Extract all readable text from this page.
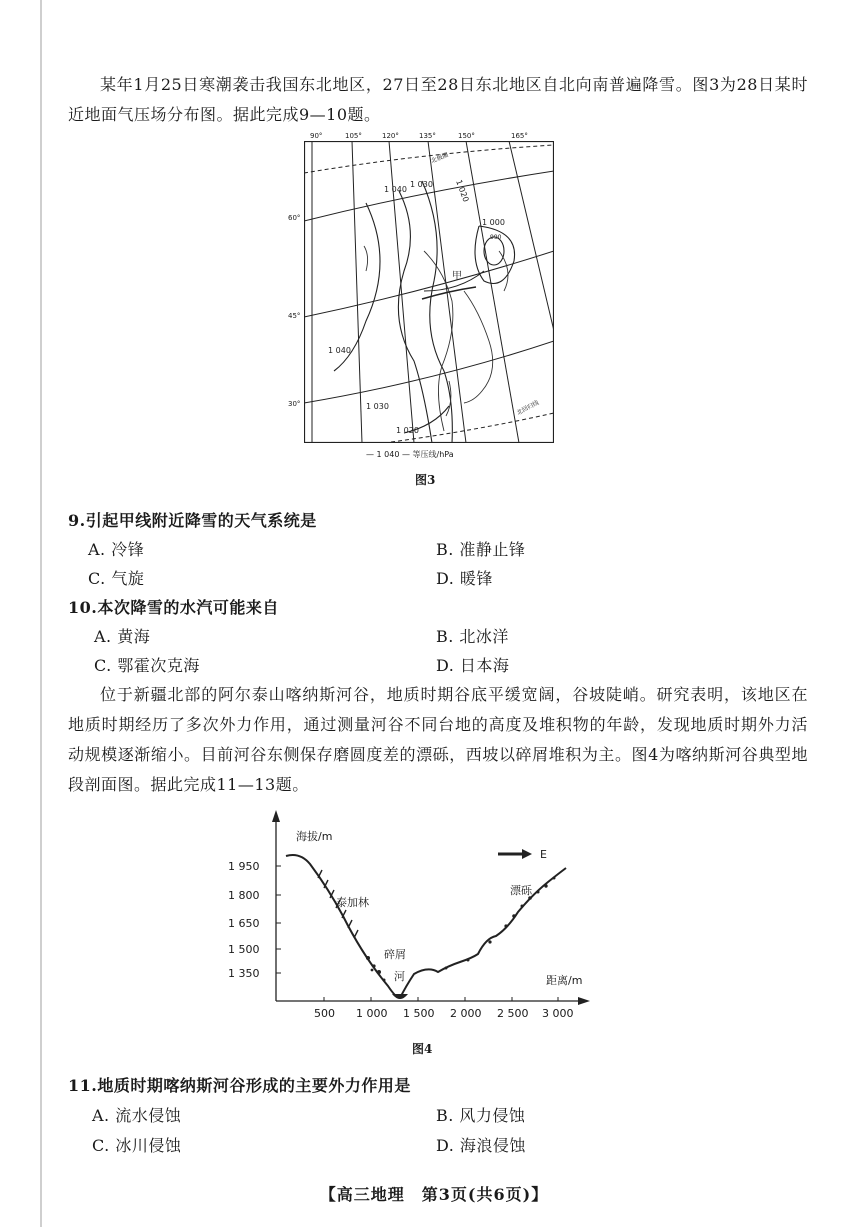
某年1月25日寒潮袭击我国东北地区，27日至28日东北地区自北向南普遍降雪。图3为28日某时近地面气压场分布图。据此完成9—10题。
1 040
1 030	1 020
1 000
1 040
1 030
1 020
990
甲
北极圈
北回归线
90°	105°	120°	135°	150°	165°
60°
45°
30°
— 1 040 — 等压线/hPa
图3
9.引起甲线附近降雪的天气系统是
A. 冷锋	B. 准静止锋
C. 气旋	D. 暖锋
10.本次降雪的水汽可能来自
A. 黄海	B. 北冰洋
C. 鄂霍次克海	D. 日本海
位于新疆北部的阿尔泰山喀纳斯河谷，地质时期谷底平缓宽阔，谷坡陡峭。研究表明，该地区在地质时期经历了多次外力作用，通过测量河谷不同台地的高度及堆积物的年龄，发现地质时期外力活动规模逐渐缩小。目前河谷东侧保存磨圆度差的漂砾，西坡以碎屑堆积为主。图4为喀纳斯河谷典型地段剖面图。据此完成11—13题。
海拔/m
距离/m
1 950
1 800
1 650
1 500
1 350
500 1 000 1 500 2 000 2 500 3 000
泰加林
碎屑
河
漂砾
E
图4
11.地质时期喀纳斯河谷形成的主要外力作用是
A. 流水侵蚀	B. 风力侵蚀
C. 冰川侵蚀	D. 海浪侵蚀
【高三地理　第3页(共6页)】
